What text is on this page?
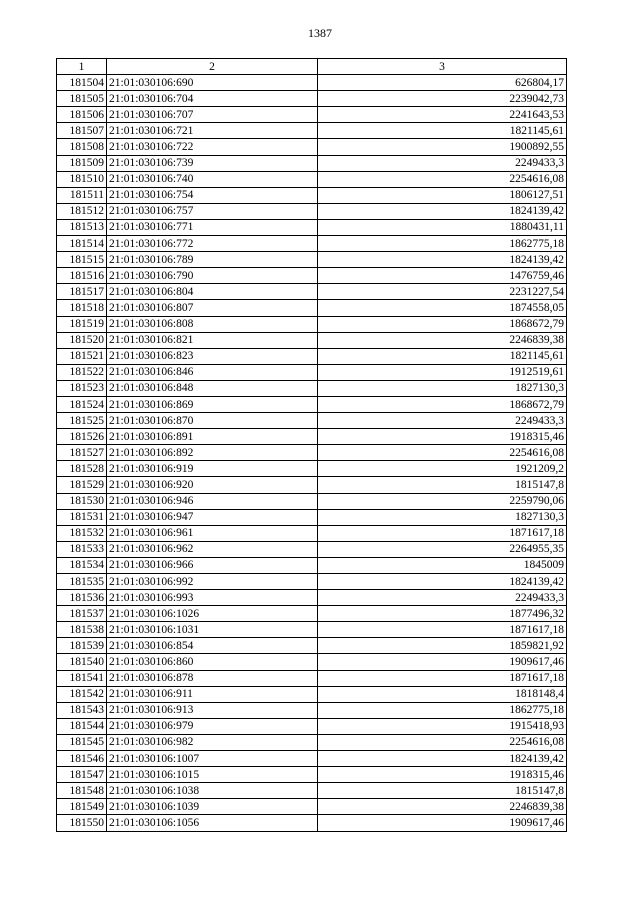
1387
1	2	3
181504	21:01:030106:690	626804,17
181505	21:01:030106:704	2239042,73
181506	21:01:030106:707	2241643,53
181507	21:01:030106:721	1821145,61
181508	21:01:030106:722	1900892,55
181509	21:01:030106:739	2249433,3
181510	21:01:030106:740	2254616,08
181511	21:01:030106:754	1806127,51
181512	21:01:030106:757	1824139,42
181513	21:01:030106:771	1880431,11
181514	21:01:030106:772	1862775,18
181515	21:01:030106:789	1824139,42
181516	21:01:030106:790	1476759,46
181517	21:01:030106:804	2231227,54
181518	21:01:030106:807	1874558,05
181519	21:01:030106:808	1868672,79
181520	21:01:030106:821	2246839,38
181521	21:01:030106:823	1821145,61
181522	21:01:030106:846	1912519,61
181523	21:01:030106:848	1827130,3
181524	21:01:030106:869	1868672,79
181525	21:01:030106:870	2249433,3
181526	21:01:030106:891	1918315,46
181527	21:01:030106:892	2254616,08
181528	21:01:030106:919	1921209,2
181529	21:01:030106:920	1815147,8
181530	21:01:030106:946	2259790,06
181531	21:01:030106:947	1827130,3
181532	21:01:030106:961	1871617,18
181533	21:01:030106:962	2264955,35
181534	21:01:030106:966	1845009
181535	21:01:030106:992	1824139,42
181536	21:01:030106:993	2249433,3
181537	21:01:030106:1026	1877496,32
181538	21:01:030106:1031	1871617,18
181539	21:01:030106:854	1859821,92
181540	21:01:030106:860	1909617,46
181541	21:01:030106:878	1871617,18
181542	21:01:030106:911	1818148,4
181543	21:01:030106:913	1862775,18
181544	21:01:030106:979	1915418,93
181545	21:01:030106:982	2254616,08
181546	21:01:030106:1007	1824139,42
181547	21:01:030106:1015	1918315,46
181548	21:01:030106:1038	1815147,8
181549	21:01:030106:1039	2246839,38
181550	21:01:030106:1056	1909617,46
